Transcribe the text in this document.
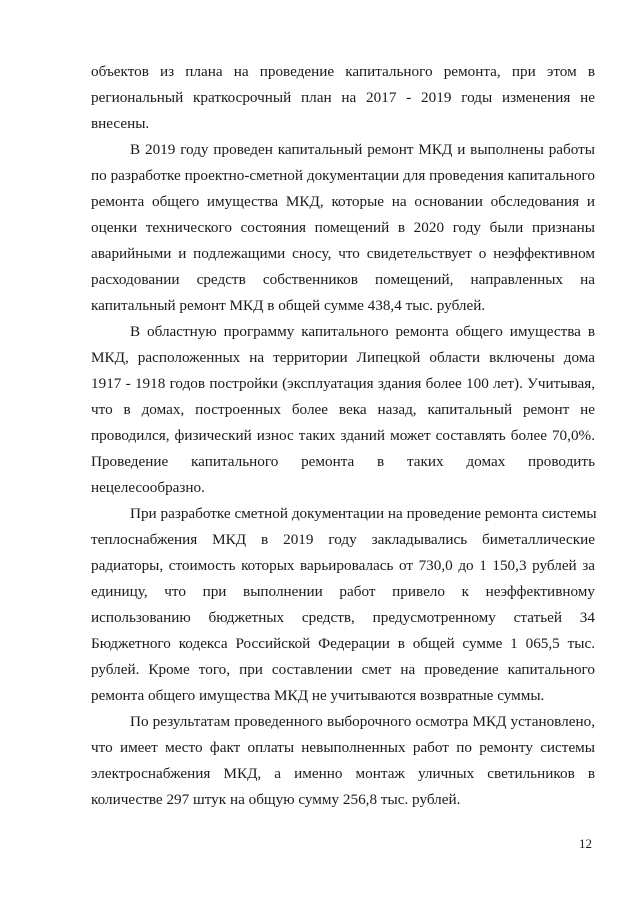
объектов из плана на проведение капитального ремонта, при этом в
региональный краткосрочный план на 2017 - 2019 годы изменения не
внесены.
В 2019 году проведен капитальный ремонт МКД и выполнены работы
по разработке проектно-сметной документации для проведения капитального
ремонта общего имущества МКД, которые на основании обследования и
оценки технического состояния помещений в 2020 году были признаны
аварийными и подлежащими сносу, что свидетельствует о неэффективном
расходовании средств собственников помещений, направленных на
капитальный ремонт МКД в общей сумме 438,4 тыс. рублей.
В областную программу капитального ремонта общего имущества в
МКД, расположенных на территории Липецкой области включены дома
1917 - 1918 годов постройки (эксплуатация здания более 100 лет). Учитывая,
что в домах, построенных более века назад, капитальный ремонт не
проводился, физический износ таких зданий может составлять более 70,0%.
Проведение капитального ремонта в таких домах проводить
нецелесообразно.
При разработке сметной документации на проведение ремонта системы
теплоснабжения МКД в 2019 году закладывались биметаллические
радиаторы, стоимость которых варьировалась от 730,0 до 1 150,3 рублей за
единицу, что при выполнении работ привело к неэффективному
использованию бюджетных средств, предусмотренному статьей 34
Бюджетного кодекса Российской Федерации в общей сумме 1 065,5 тыс.
рублей. Кроме того, при составлении смет на проведение капитального
ремонта общего имущества МКД не учитываются возвратные суммы.
По результатам проведенного выборочного осмотра МКД установлено,
что имеет место факт оплаты невыполненных работ по ремонту системы
электроснабжения МКД, а именно монтаж уличных светильников в
количестве 297 штук на общую сумму 256,8 тыс. рублей.
12
